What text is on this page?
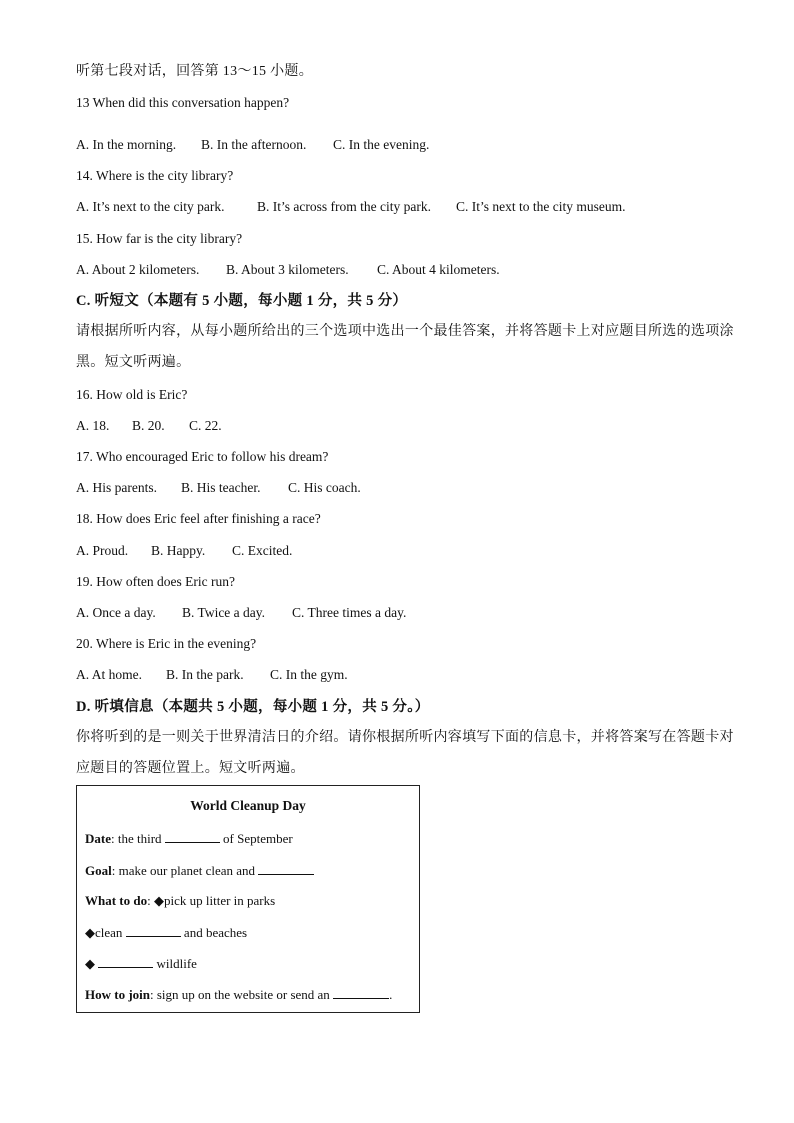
听第七段对话，回答第 13～15 小题。
13 When did this conversation happen?
A. In the morning. B. In the afternoon. C. In the evening.
14. Where is the city library?
A. It’s next to the city park. B. It’s across from the city park. C. It’s next to the city museum.
15. How far is the city library?
A. About 2 kilometers. B. About 3 kilometers. C. About 4 kilometers.
C. 听短文（本题有 5 小题，每小题 1 分，共 5 分）
请根据所听内容，从每小题所给出的三个选项中选出一个最佳答案，并将答题卡上对应题目所选的选项涂
黑。短文听两遍。
16. How old is Eric?
A. 18. B. 20. C. 22.
17. Who encouraged Eric to follow his dream?
A. His parents. B. His teacher. C. His coach.
18. How does Eric feel after finishing a race?
A. Proud. B. Happy. C. Excited.
19. How often does Eric run?
A. Once a day. B. Twice a day. C. Three times a day.
20. Where is Eric in the evening?
A. At home. B. In the park. C. In the gym.
D. 听填信息（本题共 5 小题，每小题 1 分，共 5 分。）
你将听到的是一则关于世界清洁日的介绍。请你根据所听内容填写下面的信息卡，并将答案写在答题卡对
应题目的答题位置上。短文听两遍。
World Cleanup Day
Date: the third	of September
Goal: make our planet clean and
What to do: ◆pick up litter in parks
◆clean	and beaches
◆	wildlife
How to join: sign up on the website or send an	.
